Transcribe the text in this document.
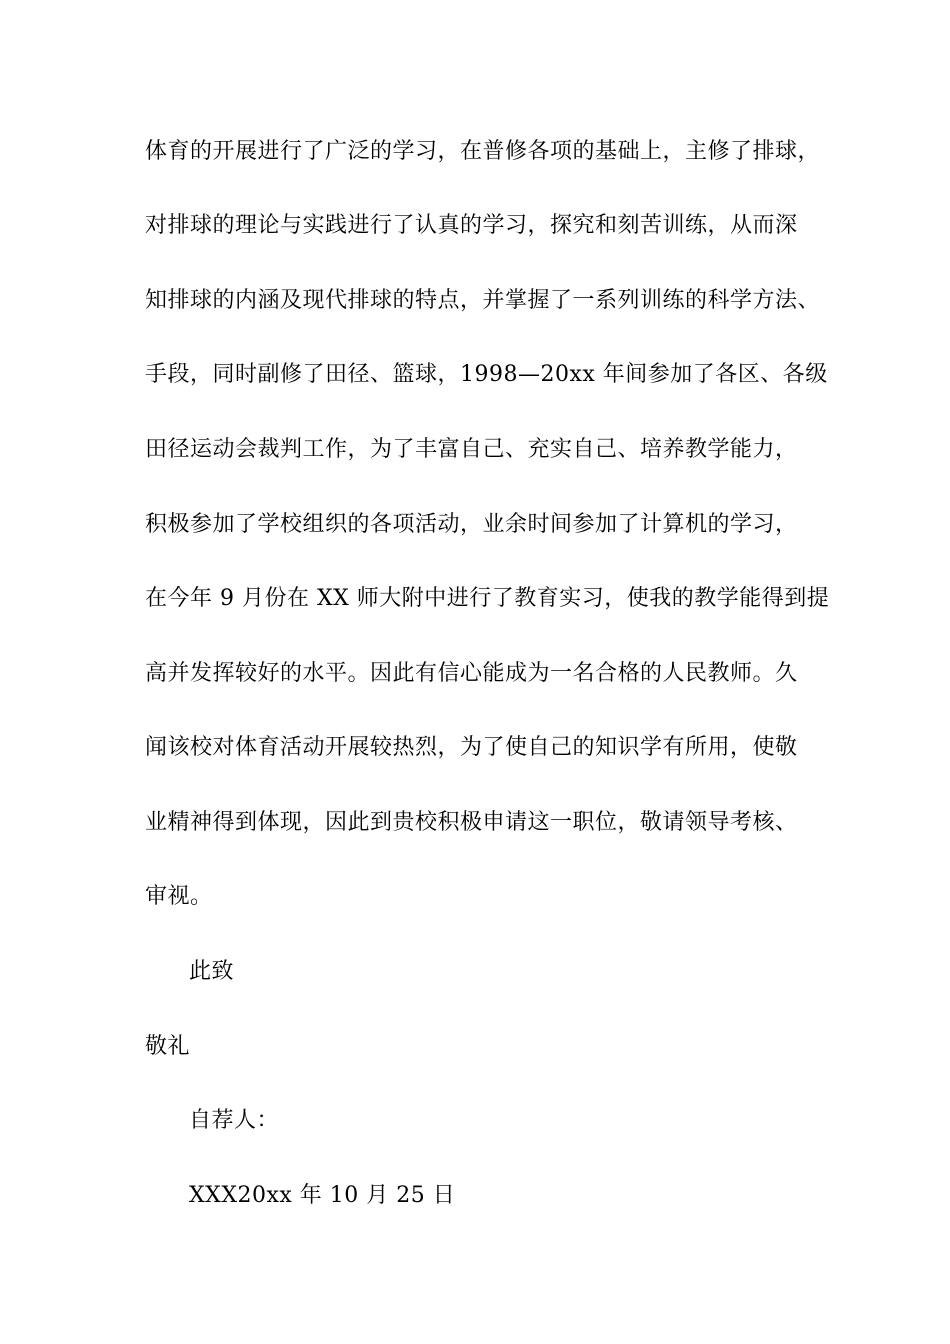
体育的开展进行了广泛的学习，在普修各项的基础上，主修了排球，
对排球的理论与实践进行了认真的学习，探究和刻苦训练，从而深
知排球的内涵及现代排球的特点，并掌握了一系列训练的科学方法、
手段，同时副修了田径、篮球，1998—20xx 年间参加了各区、各级
田径运动会裁判工作，为了丰富自己、充实自己、培养教学能力，
积极参加了学校组织的各项活动，业余时间参加了计算机的学习，
在今年 9 月份在 XX 师大附中进行了教育实习，使我的教学能得到提
高并发挥较好的水平。因此有信心能成为一名合格的人民教师。久
闻该校对体育活动开展较热烈，为了使自己的知识学有所用，使敬
业精神得到体现，因此到贵校积极申请这一职位，敬请领导考核、
审视。
此致
敬礼
自荐人：
XXX20xx 年 10 月 25 日
